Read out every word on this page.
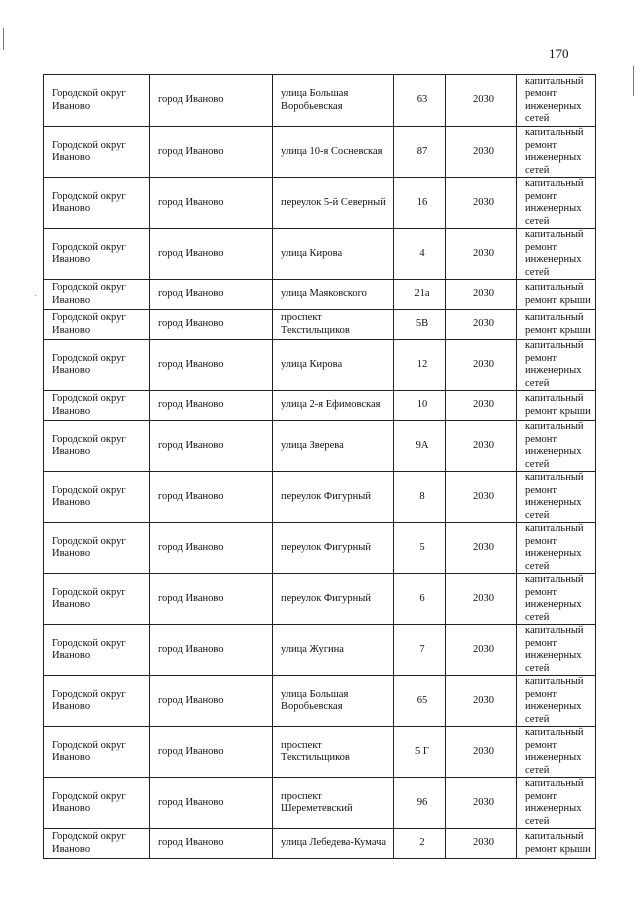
170
Городской округ Иваново	город Иваново	улица Большая Воробьевская	63	2030	капитальный ремонт инженерных сетей
Городской округ Иваново	город Иваново	улица 10-я Сосневская	87	2030	капитальный ремонт инженерных сетей
Городской округ Иваново	город Иваново	переулок 5-й Северный	16	2030	капитальный ремонт инженерных сетей
Городской округ Иваново	город Иваново	улица Кирова	4	2030	капитальный ремонт инженерных сетей
Городской округ Иваново	город Иваново	улица Маяковского	21а	2030	капитальный ремонт крыши
Городской округ Иваново	город Иваново	проспект Текстильщиков	5В	2030	капитальный ремонт крыши
Городской округ Иваново	город Иваново	улица Кирова	12	2030	капитальный ремонт инженерных сетей
Городской округ Иваново	город Иваново	улица 2-я Ефимовская	10	2030	капитальный ремонт крыши
Городской округ Иваново	город Иваново	улица Зверева	9А	2030	капитальный ремонт инженерных сетей
Городской округ Иваново	город Иваново	переулок Фигурный	8	2030	капитальный ремонт инженерных сетей
Городской округ Иваново	город Иваново	переулок Фигурный	5	2030	капитальный ремонт инженерных сетей
Городской округ Иваново	город Иваново	переулок Фигурный	6	2030	капитальный ремонт инженерных сетей
Городской округ Иваново	город Иваново	улица Жугина	7	2030	капитальный ремонт инженерных сетей
Городской округ Иваново	город Иваново	улица Большая Воробьевская	65	2030	капитальный ремонт инженерных сетей
Городской округ Иваново	город Иваново	проспект Текстильщиков	5 Г	2030	капитальный ремонт инженерных сетей
Городской округ Иваново	город Иваново	проспект Шереметевский	96	2030	капитальный ремонт инженерных сетей
Городской округ Иваново	город Иваново	улица Лебедева-Кумача	2	2030	капитальный ремонт крыши
